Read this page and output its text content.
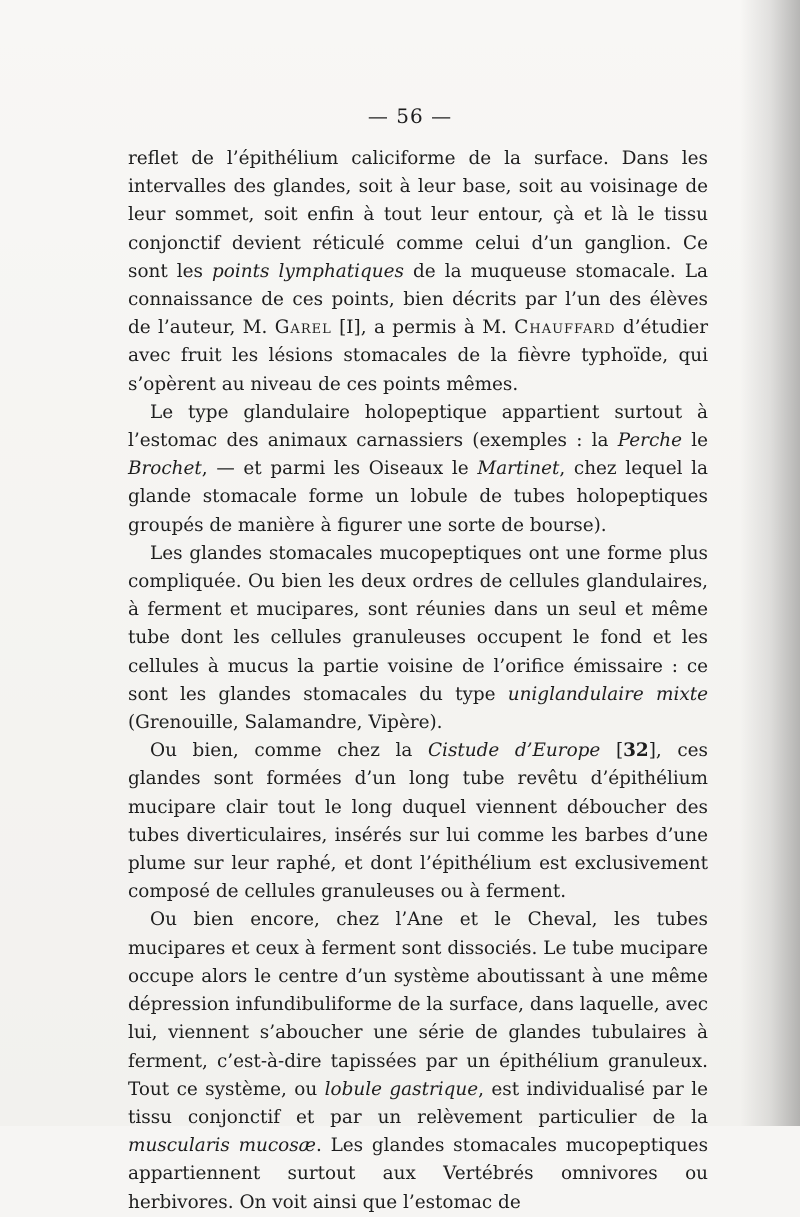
— 56 —

reflet de l’épithélium caliciforme de la surface. Dans les intervalles des glandes, soit à leur base, soit au voisinage de leur sommet, soit enfin à tout leur entour, çà et là le tissu conjonctif devient réticulé comme celui d’un ganglion. Ce sont les points lymphatiques de la muqueuse stomacale. La connaissance de ces points, bien décrits par l’un des élèves de l’auteur, M. Garel [I], a permis à M. Chauffard d’étudier avec fruit les lésions stomacales de la fièvre typhoïde, qui s’opèrent au niveau de ces points mêmes.

Le type glandulaire holopeptique appartient surtout à l’estomac des animaux carnassiers (exemples : la Perche le Brochet, — et parmi les Oiseaux le Martinet, chez lequel la glande stomacale forme un lobule de tubes holopeptiques groupés de manière à figurer une sorte de bourse).

Les glandes stomacales mucopeptiques ont une forme plus compliquée. Ou bien les deux ordres de cellules glandulaires, à ferment et mucipares, sont réunies dans un seul et même tube dont les cellules granuleuses occupent le fond et les cellules à mucus la partie voisine de l’orifice émissaire : ce sont les glandes stomacales du type uniglandulaire mixte (Grenouille, Salamandre, Vipère).

Ou bien, comme chez la Cistude d’Europe [32], ces glandes sont formées d’un long tube revêtu d’épithélium mucipare clair tout le long duquel viennent déboucher des tubes diverticulaires, insérés sur lui comme les barbes d’une plume sur leur raphé, et dont l’épithélium est exclusivement composé de cellules granuleuses ou à ferment.

Ou bien encore, chez l’Ane et le Cheval, les tubes mucipares et ceux à ferment sont dissociés. Le tube mucipare occupe alors le centre d’un système aboutissant à une même dépression infundibuliforme de la surface, dans laquelle, avec lui, viennent s’aboucher une série de glandes tubulaires à ferment, c’est-à-dire tapissées par un épithélium granuleux. Tout ce système, ou lobule gastrique, est individualisé par le tissu conjonctif et par un relèvement particulier de la muscularis mucosæ. Les glandes stomacales mucopeptiques appartiennent surtout aux Vertébrés omnivores ou herbivores. On voit ainsi que l’estomac de
